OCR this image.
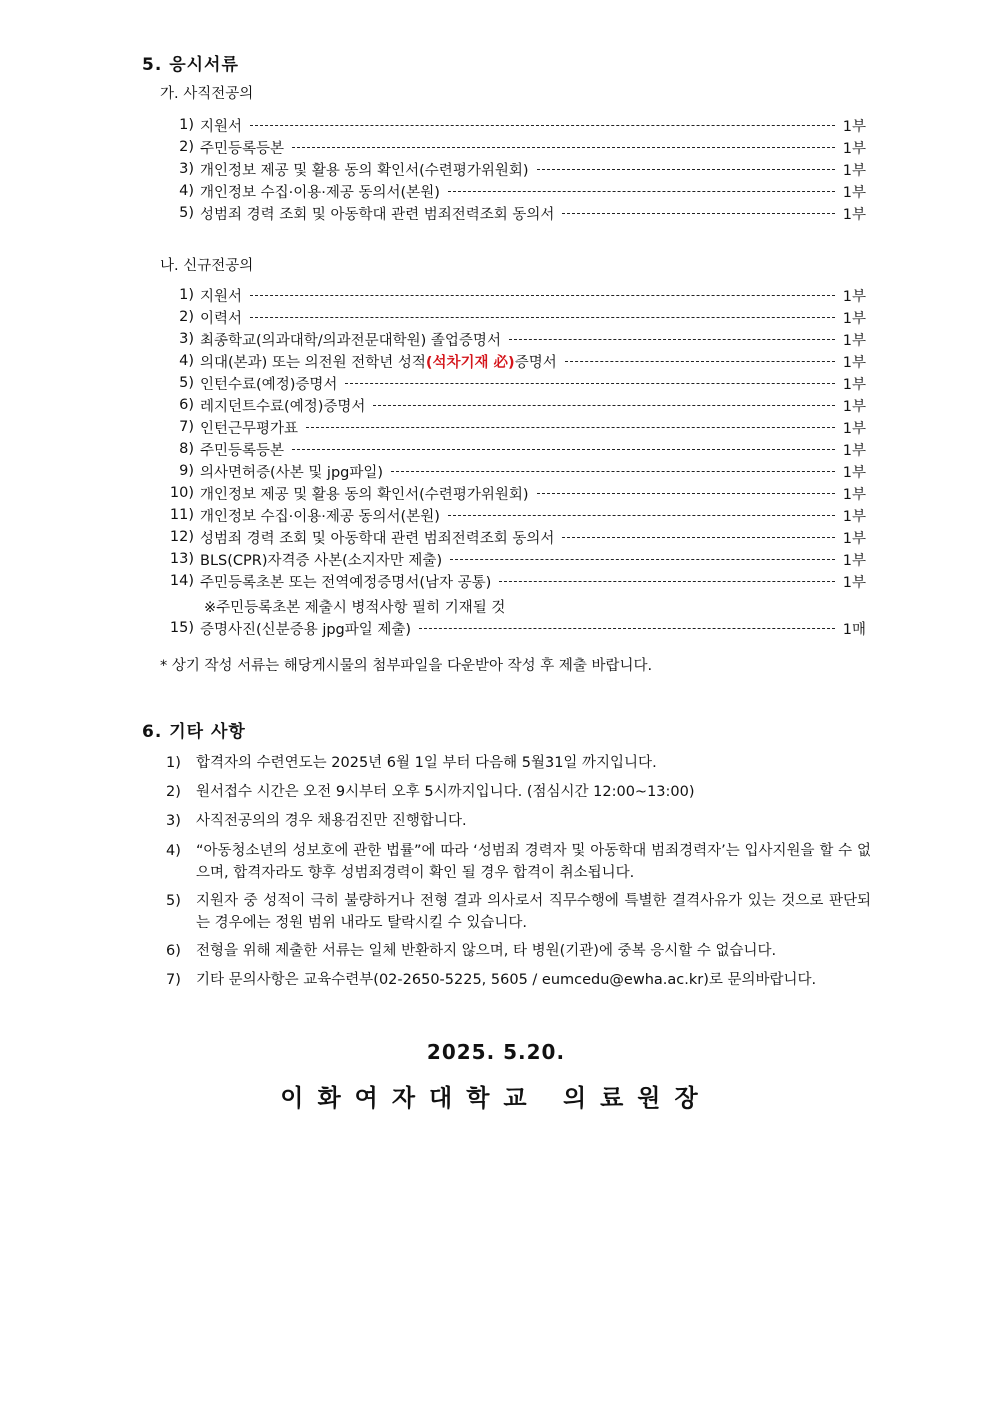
5. 응시서류
가. 사직전공의
1) 지원서	1부
2) 주민등록등본	1부
3) 개인정보 제공 및 활용 동의 확인서(수련평가위원회)	1부
4) 개인정보 수집·이용·제공 동의서(본원)	1부
5) 성범죄 경력 조회 및 아동학대 관련 범죄전력조회 동의서	1부
나. 신규전공의
1) 지원서	1부
2) 이력서	1부
3) 최종학교(의과대학/의과전문대학원) 졸업증명서	1부
4) 의대(본과) 또는 의전원 전학년 성적(석차기재 必)증명서	1부
5) 인턴수료(예정)증명서	1부
6) 레지던트수료(예정)증명서	1부
7) 인턴근무평가표	1부
8) 주민등록등본	1부
9) 의사면허증(사본 및 jpg파일)	1부
10) 개인정보 제공 및 활용 동의 확인서(수련평가위원회)	1부
11) 개인정보 수집·이용·제공 동의서(본원)	1부
12) 성범죄 경력 조회 및 아동학대 관련 범죄전력조회 동의서	1부
13) BLS(CPR)자격증 사본(소지자만 제출)	1부
14) 주민등록초본 또는 전역예정증명서(남자 공통)	1부
※주민등록초본 제출시 병적사항 필히 기재될 것
15) 증명사진(신분증용 jpg파일 제출)	1매
* 상기 작성 서류는 해당게시물의 첨부파일을 다운받아 작성 후 제출 바랍니다.
6. 기타 사항
1)	합격자의 수련연도는 2025년 6월 1일 부터 다음해 5월31일 까지입니다.
2)	원서접수 시간은 오전 9시부터 오후 5시까지입니다. (점심시간 12:00~13:00)
3)	사직전공의의 경우 채용검진만 진행합니다.
4)	“아동청소년의 성보호에 관한 법률”에 따라 ‘성범죄 경력자 및 아동학대 범죄경력자’는 입사지원을 할 수 없으며, 합격자라도 향후 성범죄경력이 확인 될 경우 합격이 취소됩니다.
5)	지원자 중 성적이 극히 불량하거나 전형 결과 의사로서 직무수행에 특별한 결격사유가 있는 것으로 판단되는 경우에는 정원 범위 내라도 탈락시킬 수 있습니다.
6)	전형을 위해 제출한 서류는 일체 반환하지 않으며, 타 병원(기관)에 중복 응시할 수 없습니다.
7)	기타 문의사항은 교육수련부(02-2650-5225, 5605 / eumcedu@ewha.ac.kr)로 문의바랍니다.
2025. 5.20.
이화여자대학교 의료원장
